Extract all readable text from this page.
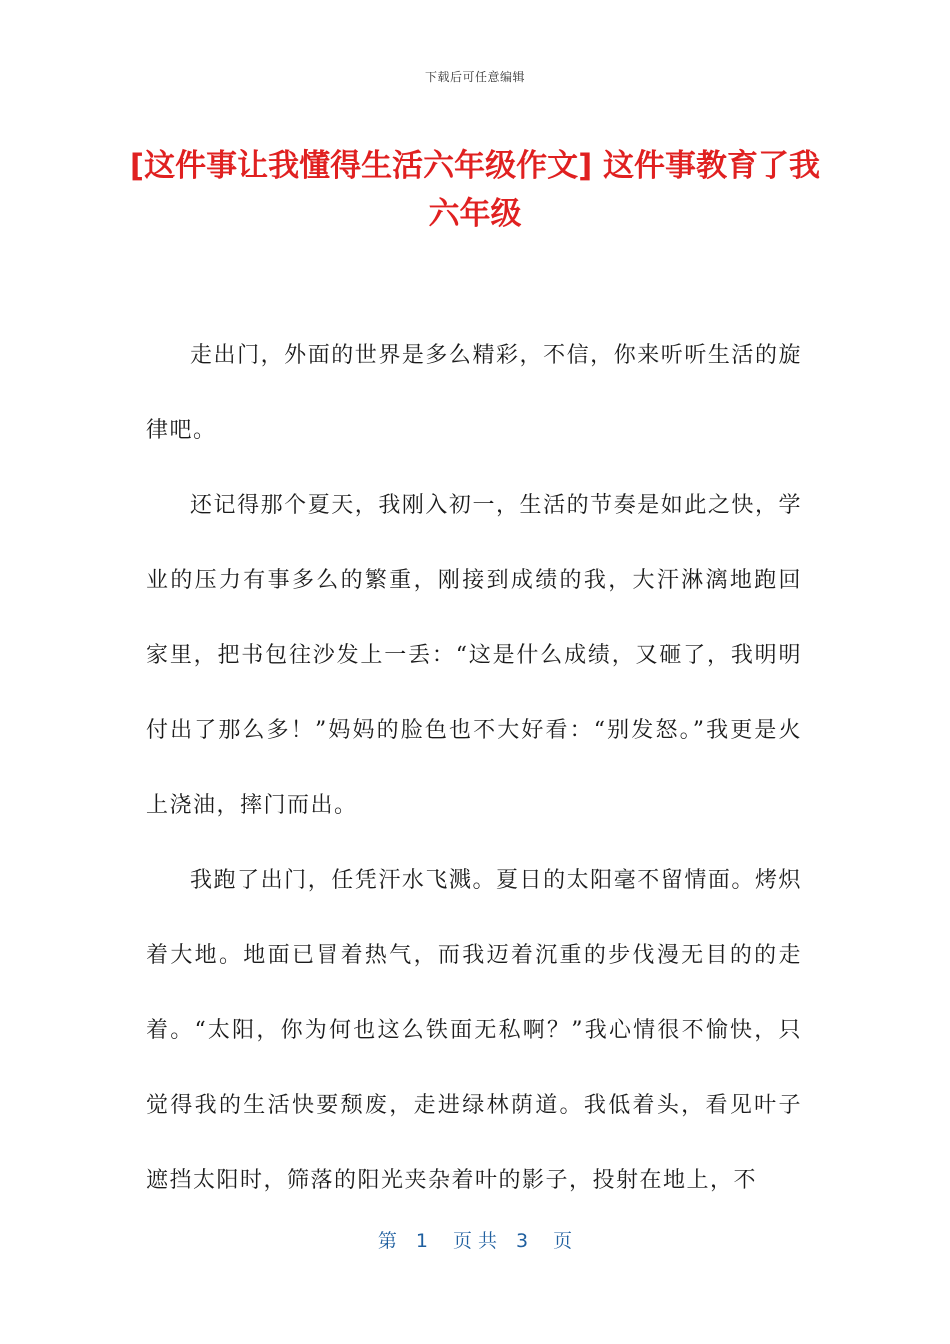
下载后可任意编辑
[这件事让我懂得生活六年级作文] 这件事教育了我六年级

走出门，外面的世界是多么精彩，不信，你来听听生活的旋律吧。

还记得那个夏天，我刚入初一，生活的节奏是如此之快，学业的压力有事多么的繁重，刚接到成绩的我，大汗淋漓地跑回家里，把书包往沙发上一丢：“这是什么成绩，又砸了，我明明付出了那么多！”妈妈的脸色也不大好看：“别发怒。”我更是火上浇油，摔门而出。

我跑了出门，任凭汗水飞溅。夏日的太阳毫不留情面。烤炽着大地。地面已冒着热气，而我迈着沉重的步伐漫无目的的走着。“太阳，你为何也这么铁面无私啊？”我心情很不愉快，只觉得我的生活快要颓废，走进绿林荫道。我低着头，看见叶子遮挡太阳时，筛落的阳光夹杂着叶的影子，投射在地上，不

第　1　 页 共　3　 页
